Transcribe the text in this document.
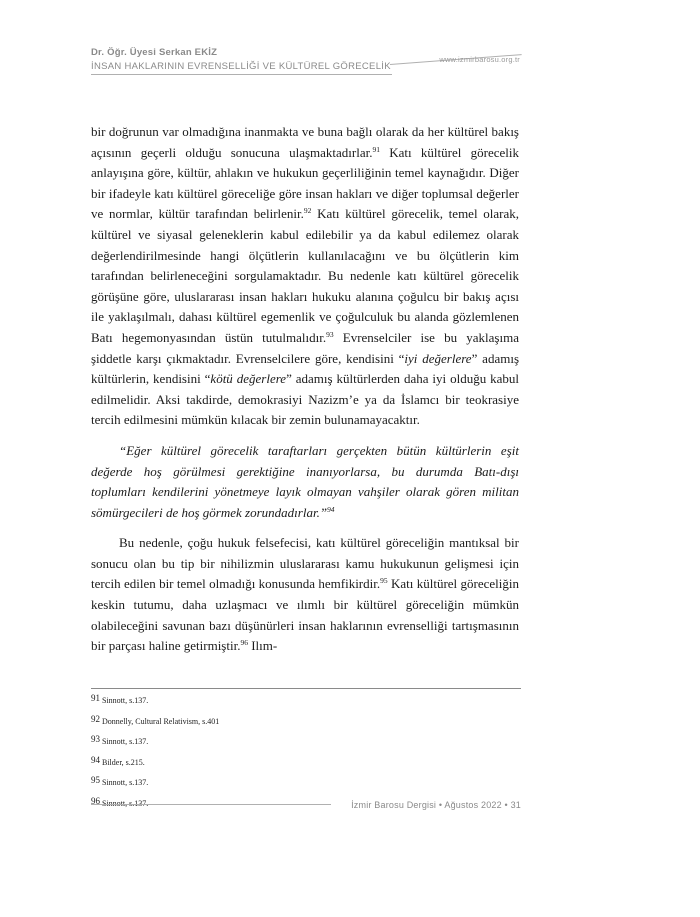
Dr. Öğr. Üyesi Serkan EKİZ
İNSAN HAKLARININ EVRENSELLİĞİ VE KÜLTÜREL GÖRECELİK
www.izmirbarosu.org.tr

bir doğrunun var olmadığına inanmakta ve buna bağlı olarak da her kültürel bakış açısının geçerli olduğu sonucuna ulaşmaktadırlar.$^{91}$ Katı kültürel görecelik anlayışına göre, kültür, ahlakın ve hukukun geçerliliğinin temel kaynağıdır. Diğer bir ifadeyle katı kültürel göreceliğe göre insan hakları ve diğer toplumsal değerler ve normlar, kültür tarafından belirlenir.$^{92}$ Katı kültürel görecelik, temel olarak, kültürel ve siyasal geleneklerin kabul edilebilir ya da kabul edilemez olarak değerlendirilmesinde hangi ölçütlerin kullanılacağını ve bu ölçütlerin kim tarafından belirleneceğini sorgulamaktadır. Bu nedenle katı kültürel görecelik görüşüne göre, uluslararası insan hakları hukuku alanına çoğulcu bir bakış açısı ile yaklaşılmalı, dahası kültürel egemenlik ve çoğulculuk bu alanda gözlemlenen Batı hegemonyasından üstün tutulmalıdır.$^{93}$ Evrenselciler ise bu yaklaşıma şiddetle karşı çıkmaktadır. Evrenselcilere göre, kendisini “iyi değerlere” adamış kültürlerin, kendisini “kötü değerlere” adamış kültürlerden daha iyi olduğu kabul edilmelidir. Aksi takdirde, demokrasiyi Nazizm’e ya da İslamcı bir teokrasiye tercih edilmesini mümkün kılacak bir zemin bulunamayacaktır.

“Eğer kültürel görecelik taraftarları gerçekten bütün kültürlerin eşit değerde hoş görülmesi gerektiğine inanıyorlarsa, bu durumda Batı-dışı toplumları kendilerini yönetmeye layık olmayan vahşiler olarak gören militan sömürgecileri de hoş görmek zorundadırlar.”$^{94}$

Bu nedenle, çoğu hukuk felsefecisi, katı kültürel göreceliğin mantıksal bir sonucu olan bu tip bir nihilizmin uluslararası kamu hukukunun gelişmesi için tercih edilen bir temel olmadığı konusunda hemfikirdir.$^{95}$ Katı kültürel göreceliğin keskin tutumu, daha uzlaşmacı ve ılımlı bir kültürel göreceliğin mümkün olabileceğini savunan bazı düşünürleri insan haklarının evrenselliği tartışmasının bir parçası haline getirmiştir.$^{96}$ Ilım-

$^{91}$ Sinnott, s.137.
$^{92}$ Donnelly, Cultural Relativism, s.401
$^{93}$ Sinnott, s.137.
$^{94}$ Bilder, s.215.
$^{95}$ Sinnott, s.137.
$^{96}$ Sinnott, s.137.	İzmir Barosu Dergisi • Ağustos 2022 • 31
